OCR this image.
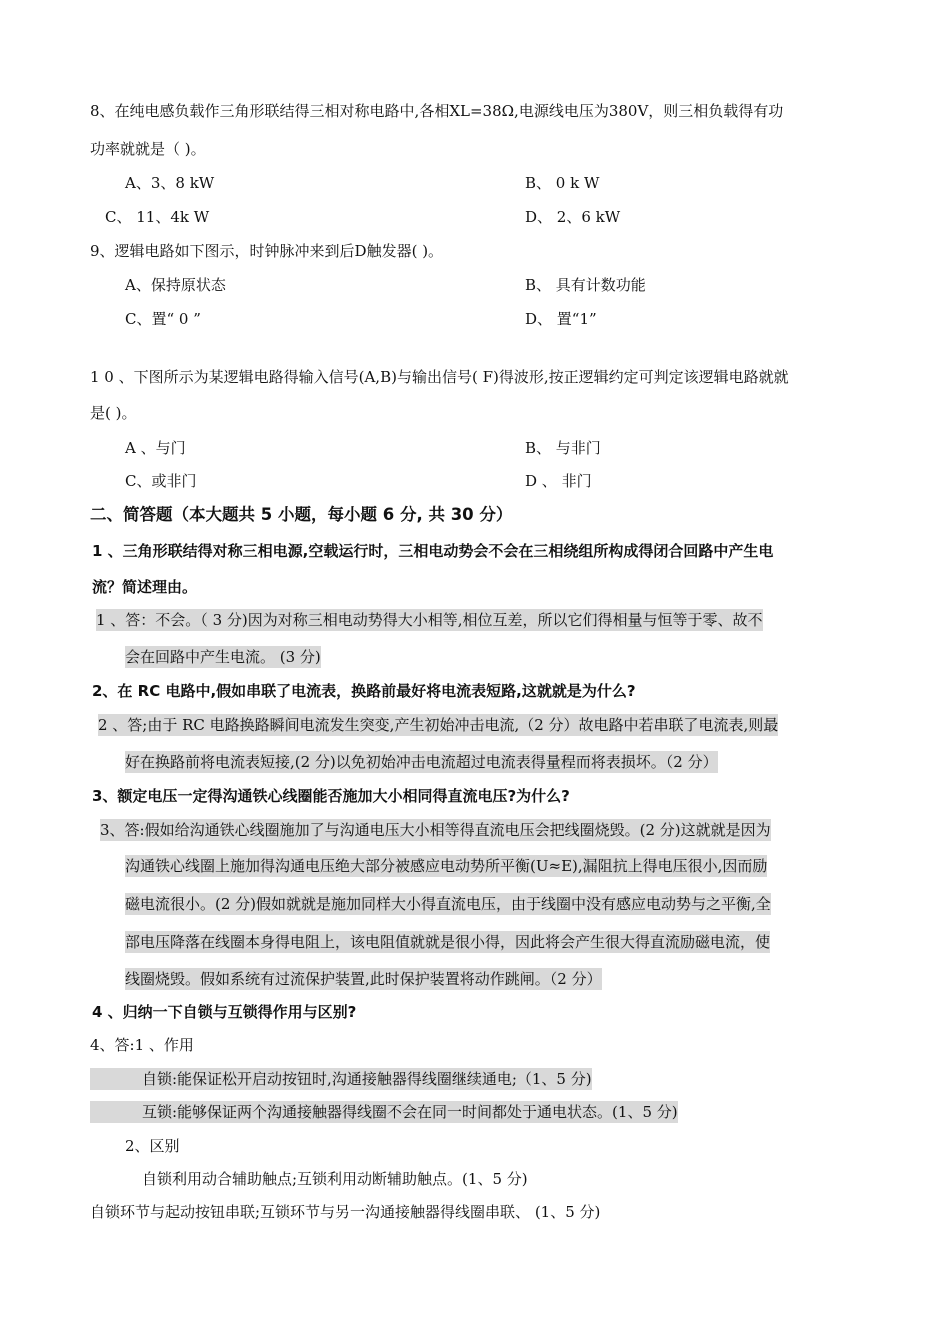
8、在纯电感负载作三角形联结得三相对称电路中,各相XL=38Ω,电源线电压为380V，则三相负载得有功
功率就就是（ )。
A、3、8 kW	B、 0 k W
C、 11、4k W	D、 2、6 kW
9、逻辑电路如下图示，时钟脉冲来到后D触发器( )。
A、保持原状态	B、 具有计数功能
C、置“ 0 ”	D、 置“1”
1 0 、下图所示为某逻辑电路得输入信号(A,B)与输出信号( F)得波形,按正逻辑约定可判定该逻辑电路就就
是( )。
A 、与门	B、 与非门
C、或非门	D 、 非门
二、简答题（本大题共 5 小题，每小题 6 分, 共 30 分）
1 、三角形联结得对称三相电源,空载运行时，三相电动势会不会在三相绕组所构成得闭合回路中产生电
流？简述理由。
1 、答：不会。（ 3 分)因为对称三相电动势得大小相等,相位互差，所以它们得相量与恒等于零、故不
会在回路中产生电流。 (3 分)
2、在 RC 电路中,假如串联了电流表，换路前最好将电流表短路,这就就是为什么?
2 、答;由于 RC 电路换路瞬间电流发生突变,产生初始冲击电流,（2 分）故电路中若串联了电流表,则最
好在换路前将电流表短接,(2 分)以免初始冲击电流超过电流表得量程而将表损坏。（2 分）
3、额定电压一定得沟通铁心线圈能否施加大小相同得直流电压?为什么?
3、答:假如给沟通铁心线圈施加了与沟通电压大小相等得直流电压会把线圈烧毁。(2 分)这就就是因为
沟通铁心线圈上施加得沟通电压绝大部分被感应电动势所平衡(U≈E),漏阻抗上得电压很小,因而励
磁电流很小。(2 分)假如就就是施加同样大小得直流电压，由于线圈中没有感应电动势与之平衡,全
部电压降落在线圈本身得电阻上，该电阻值就就是很小得，因此将会产生很大得直流励磁电流，使
线圈烧毁。假如系统有过流保护装置,此时保护装置将动作跳闸。（2 分）
4 、归纳一下自锁与互锁得作用与区别?
4、答:1 、作用
自锁:能保证松开启动按钮时,沟通接触器得线圈继续通电;（1、5 分)
互锁:能够保证两个沟通接触器得线圈不会在同一时间都处于通电状态。(1、5 分)
2、区别
自锁利用动合辅助触点;互锁利用动断辅助触点。(1、5 分)
自锁环节与起动按钮串联;互锁环节与另一沟通接触器得线圈串联、 (1、5 分)
